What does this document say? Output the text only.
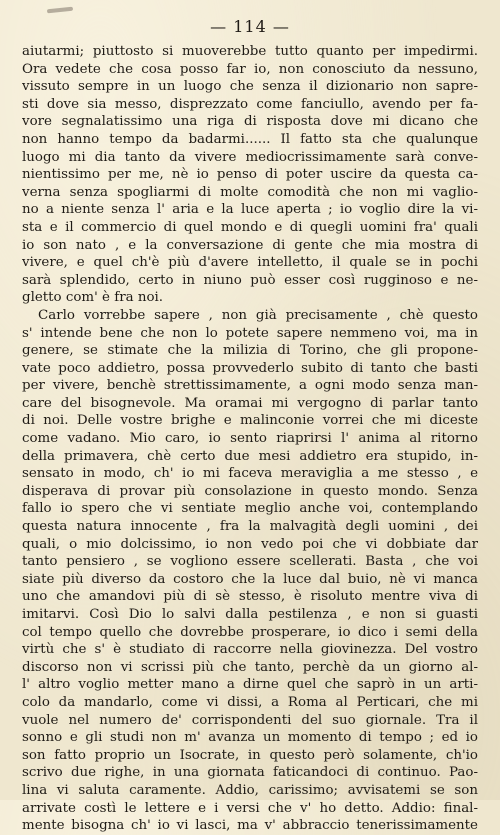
— 114 —
aiutarmi; piuttosto si muoverebbe tutto quanto per impedirmi.
Ora vedete che cosa posso far io, non conosciuto da nessuno,
vissuto sempre in un luogo che senza il dizionario non sapre-
sti dove sia messo, disprezzato come fanciullo, avendo per fa-
vore segnalatissimo una riga di risposta dove mi dicano che
non hanno tempo da badarmi...... Il fatto sta che qualunque
luogo mi dia tanto da vivere mediocrissimamente sarà conve-
nientissimo per me, nè io penso di poter uscire da questa ca-
verna senza spogliarmi di molte comodità che non mi vaglio-
no a niente senza l' aria e la luce aperta ; io voglio dire la vi-
sta e il commercio di quel mondo e di quegli uomini fra' quali
io son nato , e la conversazione di gente che mia mostra di
vivere, e quel ch'è più d'avere intelletto, il quale se in pochi
sarà splendido, certo in niuno può esser così rugginoso e ne-
gletto com' è fra noi.
Carlo vorrebbe sapere , non già precisamente , chè questo
s' intende bene che non lo potete sapere nemmeno voi, ma in
genere, se stimate che la milizia di Torino, che gli propone-
vate poco addietro, possa provvederlo subito di tanto che basti
per vivere, benchè strettissimamente, a ogni modo senza man-
care del bisognevole. Ma oramai mi vergogno di parlar tanto
di noi. Delle vostre brighe e malinconie vorrei che mi diceste
come vadano. Mio caro, io sento riaprirsi l' anima al ritorno
della primavera, chè certo due mesi addietro era stupido, in-
sensato in modo, ch' io mi faceva meraviglia a me stesso , e
disperava di provar più consolazione in questo mondo. Senza
fallo io spero che vi sentiate meglio anche voi, contemplando
questa natura innocente , fra la malvagità degli uomini , dei
quali, o mio dolcissimo, io non vedo poi che vi dobbiate dar
tanto pensiero , se vogliono essere scellerati. Basta , che voi
siate più diverso da costoro che la luce dal buio, nè vi manca
uno che amandovi più di sè stesso, è risoluto mentre viva di
imitarvi. Così Dio lo salvi dalla pestilenza , e non si guasti
col tempo quello che dovrebbe prosperare, io dico i semi della
virtù che s' è studiato di raccorre nella giovinezza. Del vostro
discorso non vi scrissi più che tanto, perchè da un giorno al-
l' altro voglio metter mano a dirne quel che saprò in un arti-
colo da mandarlo, come vi dissi, a Roma al Perticari, che mi
vuole nel numero de' corrispondenti del suo giornale. Tra il
sonno e gli studi non m' avanza un momento di tempo ; ed io
son fatto proprio un Isocrate, in questo però solamente, ch'io
scrivo due righe, in una giornata faticandoci di continuo. Pao-
lina vi saluta caramente. Addio, carissimo; avvisatemi se son
arrivate costì le lettere e i versi che v' ho detto. Addio: final-
mente bisogna ch' io vi lasci, ma v' abbraccio tenerissimamente
